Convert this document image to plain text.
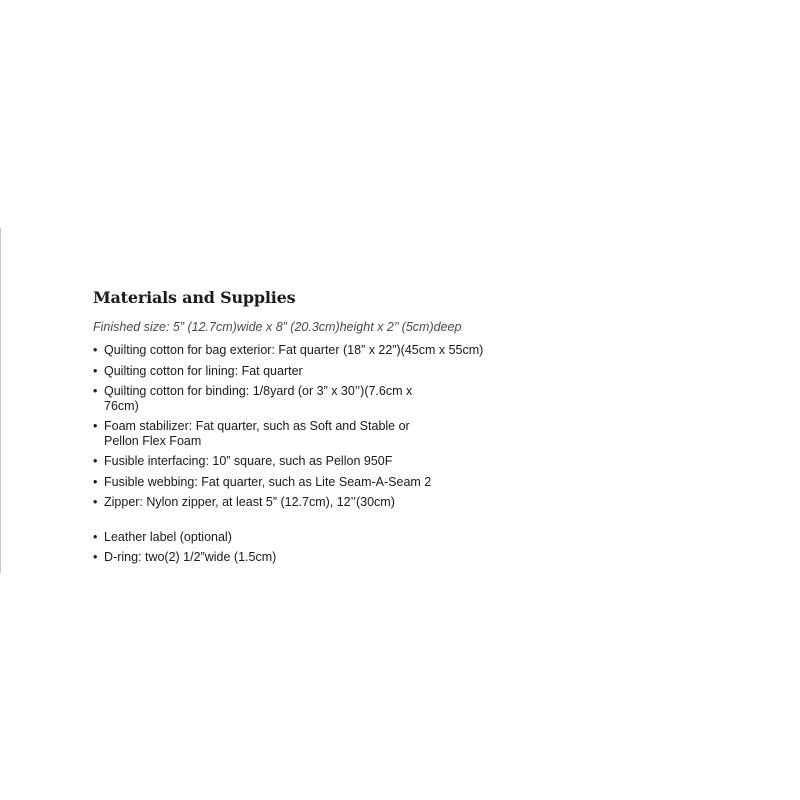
Materials and Supplies

Finished size: 5” (12.7cm)wide x 8” (20.3cm)height x 2’’ (5cm)deep

• Quilting cotton for bag exterior: Fat quarter (18” x 22”)(45cm x 55cm)
• Quilting cotton for lining: Fat quarter
• Quilting cotton for binding: 1/8yard (or 3” x 30’’)(7.6cm x 76cm)
• Foam stabilizer: Fat quarter, such as Soft and Stable or Pellon Flex Foam
• Fusible interfacing: 10” square, such as Pellon 950F
• Fusible webbing: Fat quarter, such as Lite Seam-A-Seam 2
• Zipper: Nylon zipper, at least 5” (12.7cm), 12’’(30cm)
• Leather label (optional)
• D-ring: two(2) 1/2”wide (1.5cm)
